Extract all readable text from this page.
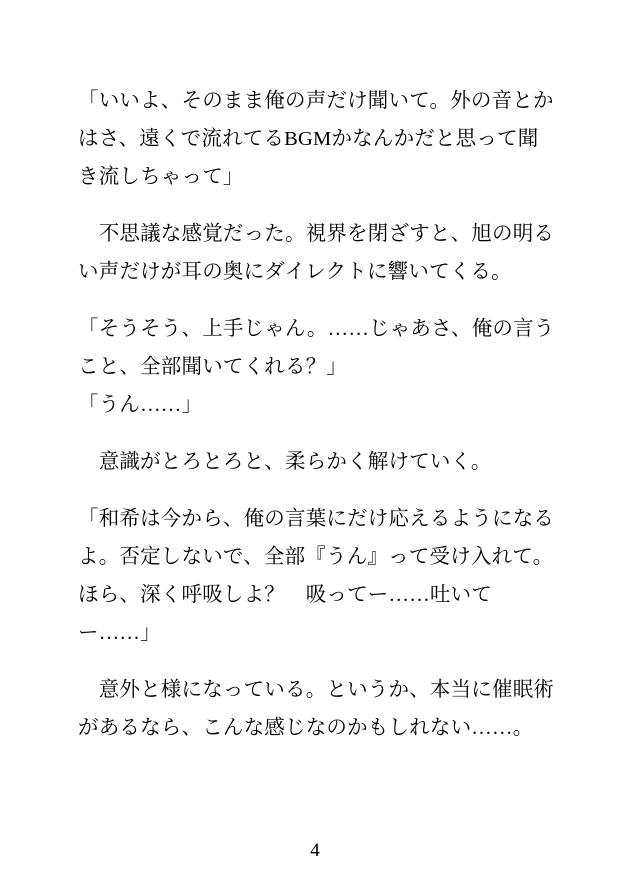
「いいよ、そのまま俺の声だけ聞いて。外の音とかはさ、遠くで流れてるBGMかなんかだと思って聞き流しちゃって」

　不思議な感覚だった。視界を閉ざすと、旭の明るい声だけが耳の奥にダイレクトに響いてくる。

「そうそう、上手じゃん。……じゃあさ、俺の言うこと、全部聞いてくれる？」

「うん……」

　意識がとろとろと、柔らかく解けていく。

「和希は今から、俺の言葉にだけ応えるようになるよ。否定しないで、全部『うん』って受け入れて。ほら、深く呼吸しよ？　吸ってー……吐いてー……」

　意外と様になっている。というか、本当に催眠術があるなら、こんな感じなのかもしれない……。

4
